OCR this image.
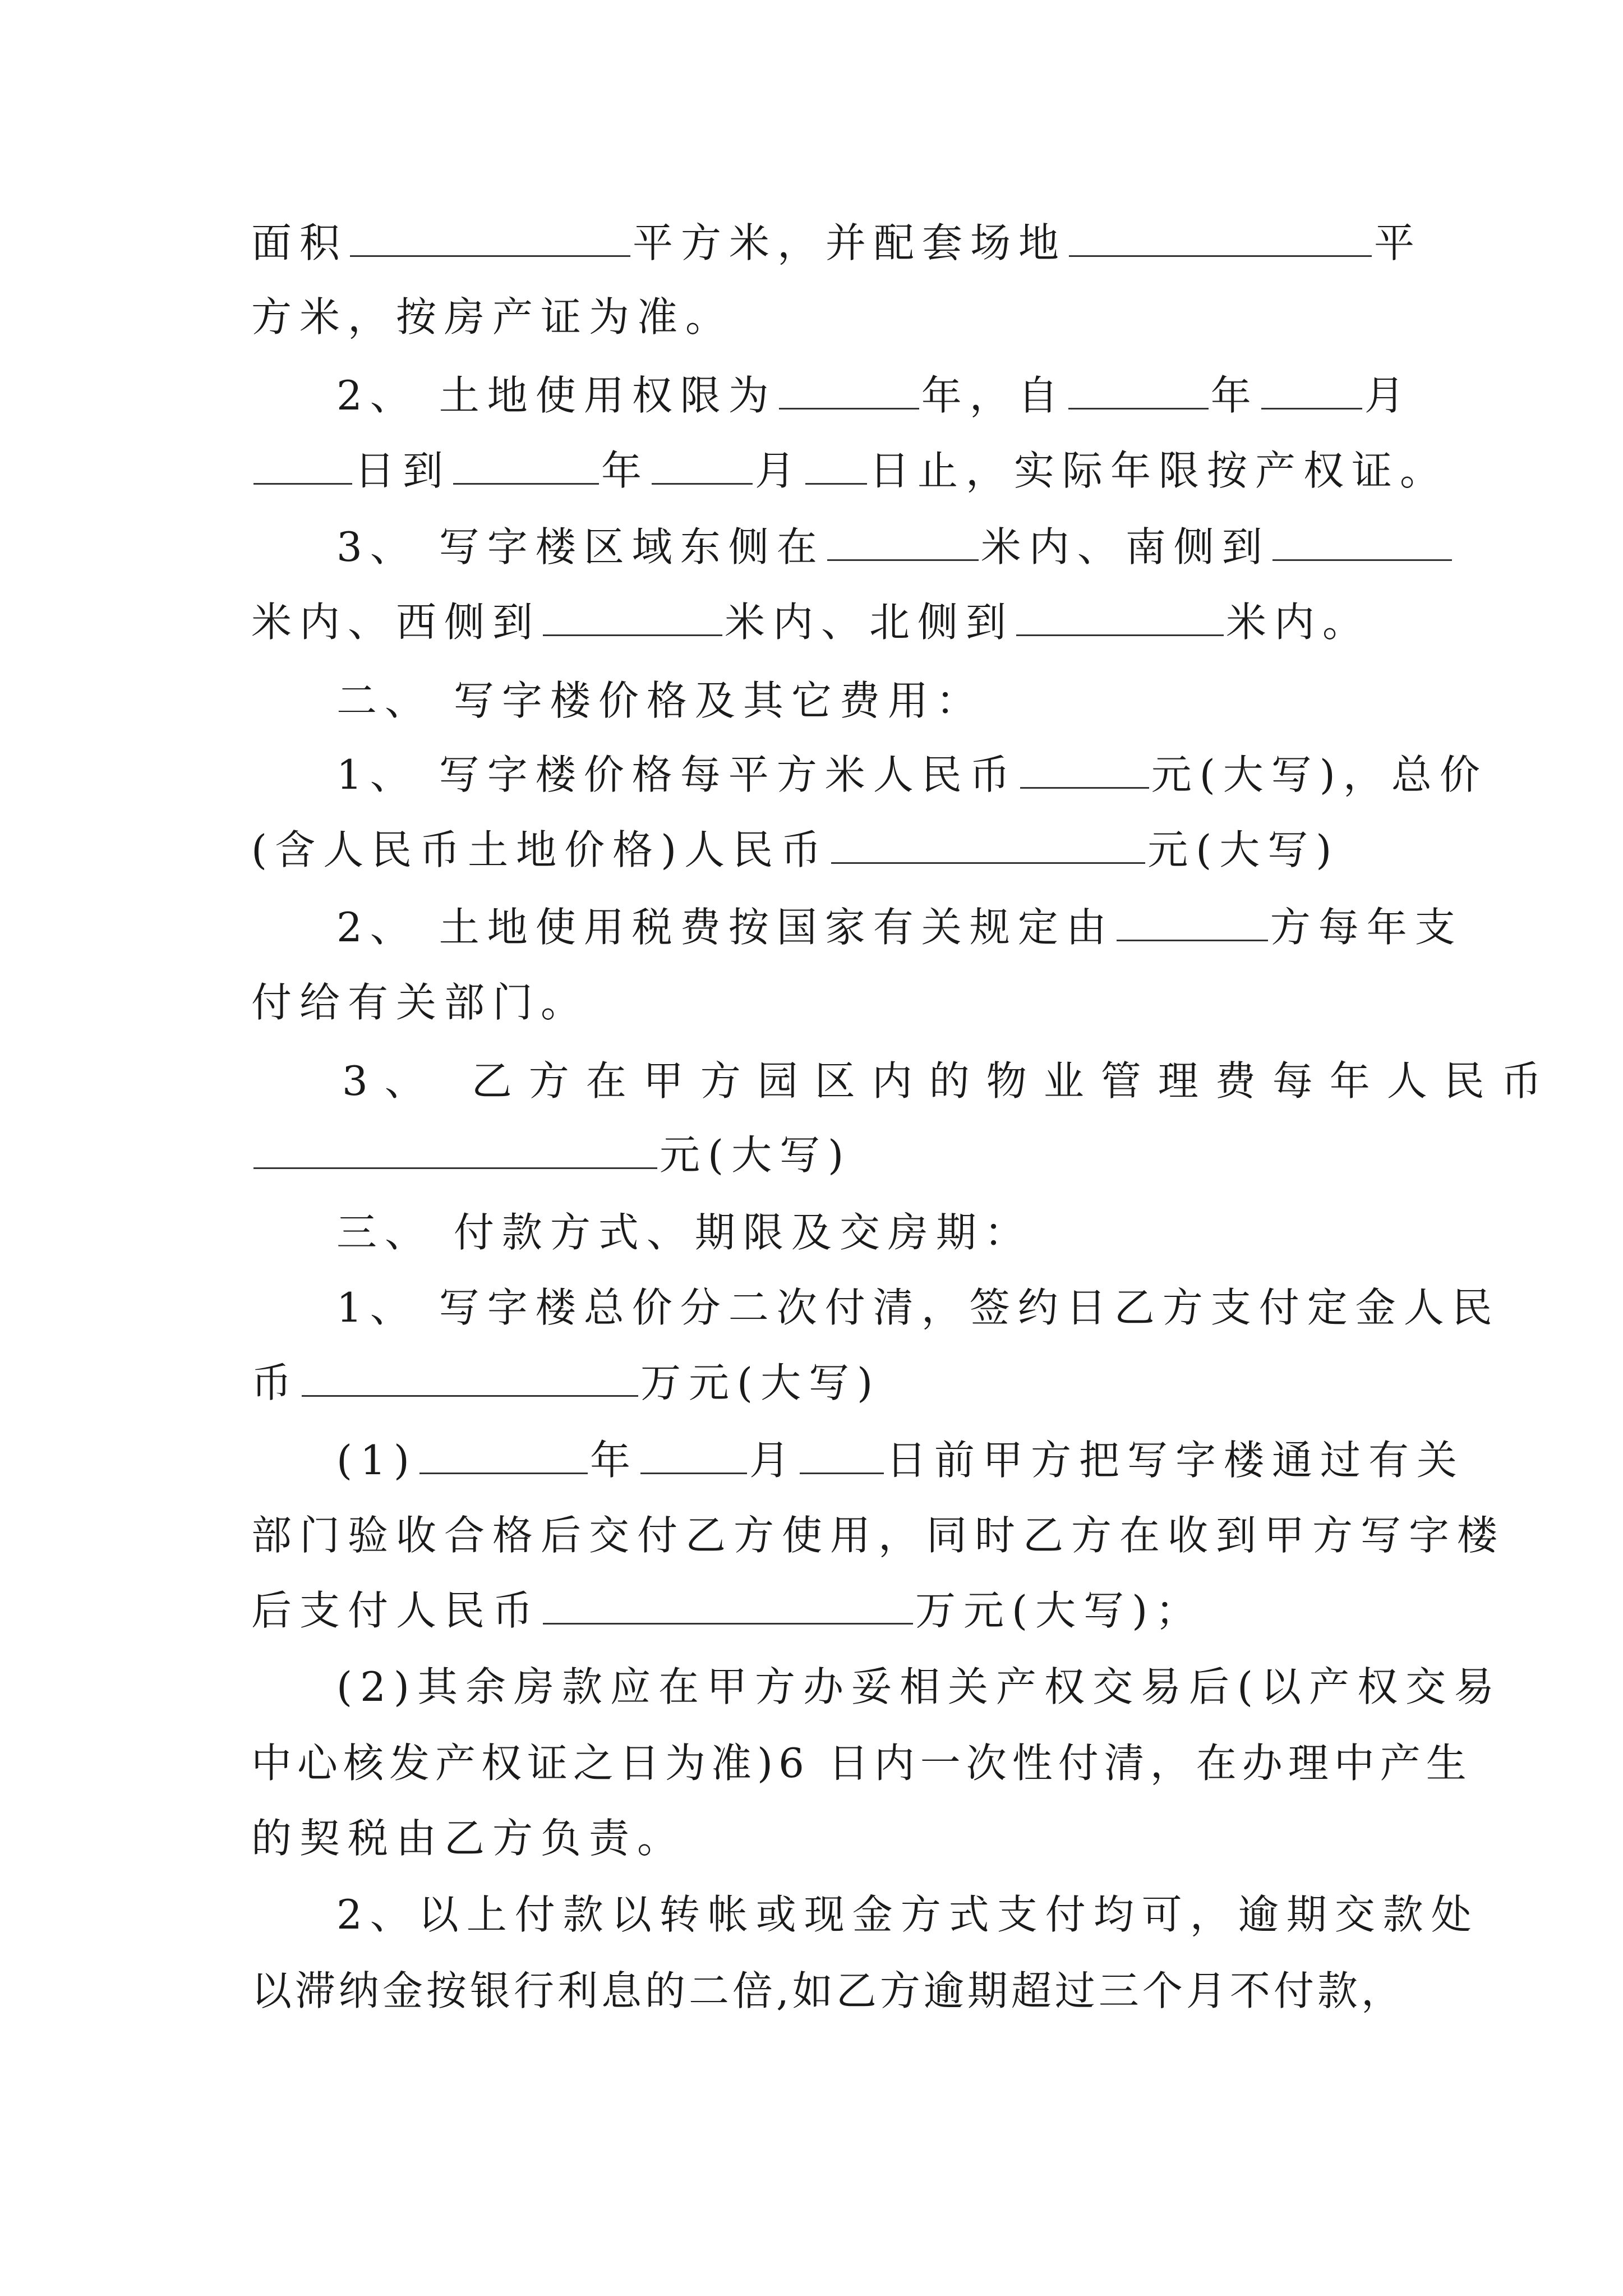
面积	平方米，并配套场地	平
方米，按房产证为准。
2、 土地使用权限为	年，自	年	月
日到	年	月 日止，实际年限按产权证。
3、 写字楼区域东侧在	米内、南侧到
米内、西侧到	米内、北侧到	米内。
二、 写字楼价格及其它费用：
1、 写字楼价格每平方米人民币	元(大写)，总价
(含人民币土地价格)人民币	元(大写)
2、 土地使用税费按国家有关规定由	方每年支
付给有关部门。
3、 乙方在甲方园区内的物业管理费每年人民币
元(大写)
三、 付款方式、期限及交房期：
1、 写字楼总价分二次付清，签约日乙方支付定金人民
币	万元(大写)
(1)	年	月 日前甲方把写字楼通过有关
部门验收合格后交付乙方使用，同时乙方在收到甲方写字楼
后支付人民币	万元(大写)；
(2)其余房款应在甲方办妥相关产权交易后(以产权交易
中心核发产权证之日为准)6 日内一次性付清，在办理中产生
的契税由乙方负责。
2、以上付款以转帐或现金方式支付均可，逾期交款处
以滞纳金按银行利息的二倍,如乙方逾期超过三个月不付款，
